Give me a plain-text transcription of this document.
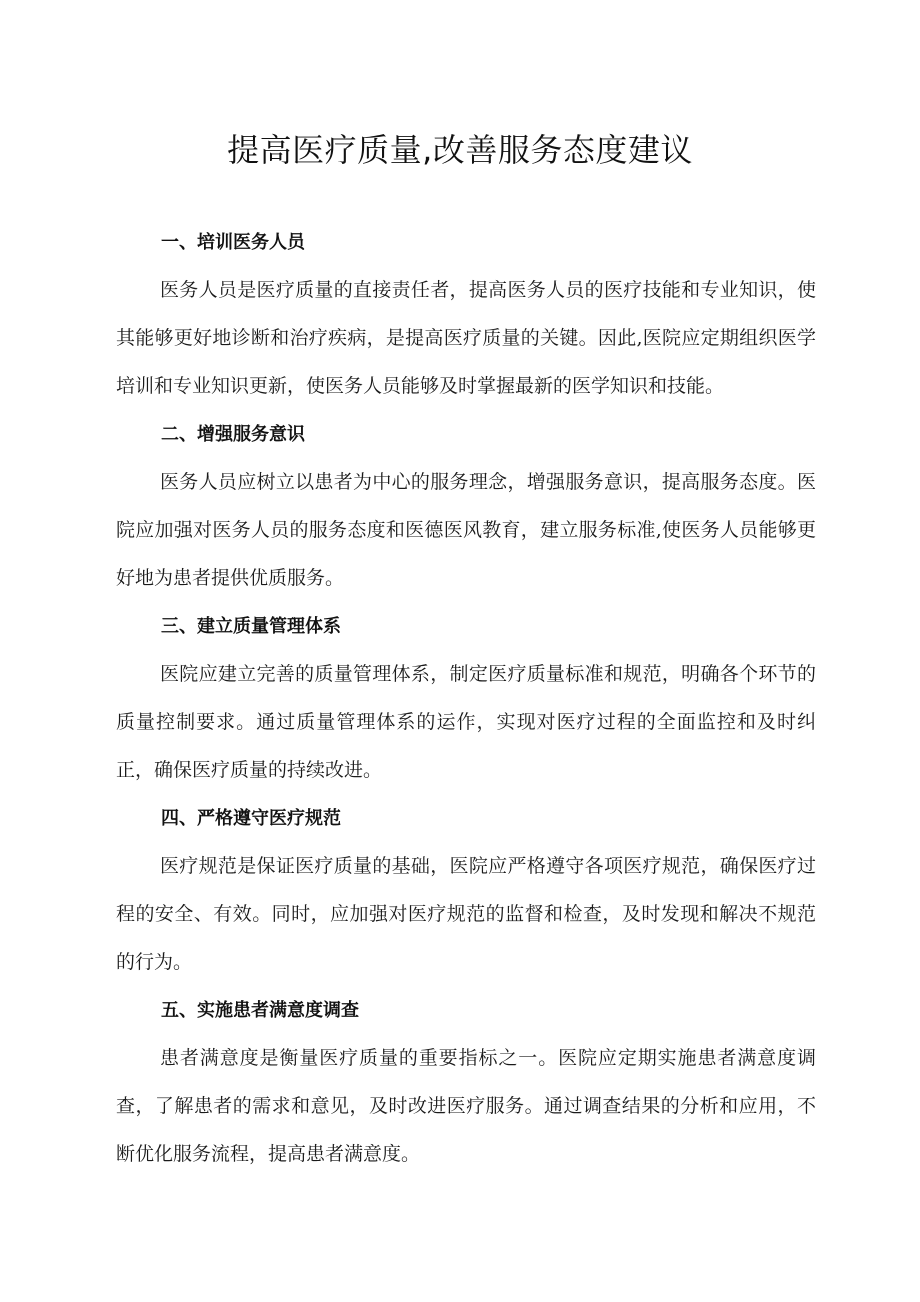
提高医疗质量,改善服务态度建议
一、培训医务人员
医务人员是医疗质量的直接责任者，提高医务人员的医疗技能和专业知识，使其能够更好地诊断和治疗疾病，是提高医疗质量的关键。因此,医院应定期组织医学培训和专业知识更新，使医务人员能够及时掌握最新的医学知识和技能。
二、增强服务意识
医务人员应树立以患者为中心的服务理念，增强服务意识，提高服务态度。医院应加强对医务人员的服务态度和医德医风教育，建立服务标准,使医务人员能够更好地为患者提供优质服务。
三、建立质量管理体系
医院应建立完善的质量管理体系，制定医疗质量标准和规范，明确各个环节的质量控制要求。通过质量管理体系的运作，实现对医疗过程的全面监控和及时纠正，确保医疗质量的持续改进。
四、严格遵守医疗规范
医疗规范是保证医疗质量的基础，医院应严格遵守各项医疗规范，确保医疗过程的安全、有效。同时，应加强对医疗规范的监督和检查，及时发现和解决不规范的行为。
五、实施患者满意度调查
患者满意度是衡量医疗质量的重要指标之一。医院应定期实施患者满意度调查，了解患者的需求和意见，及时改进医疗服务。通过调查结果的分析和应用，不断优化服务流程，提高患者满意度。
